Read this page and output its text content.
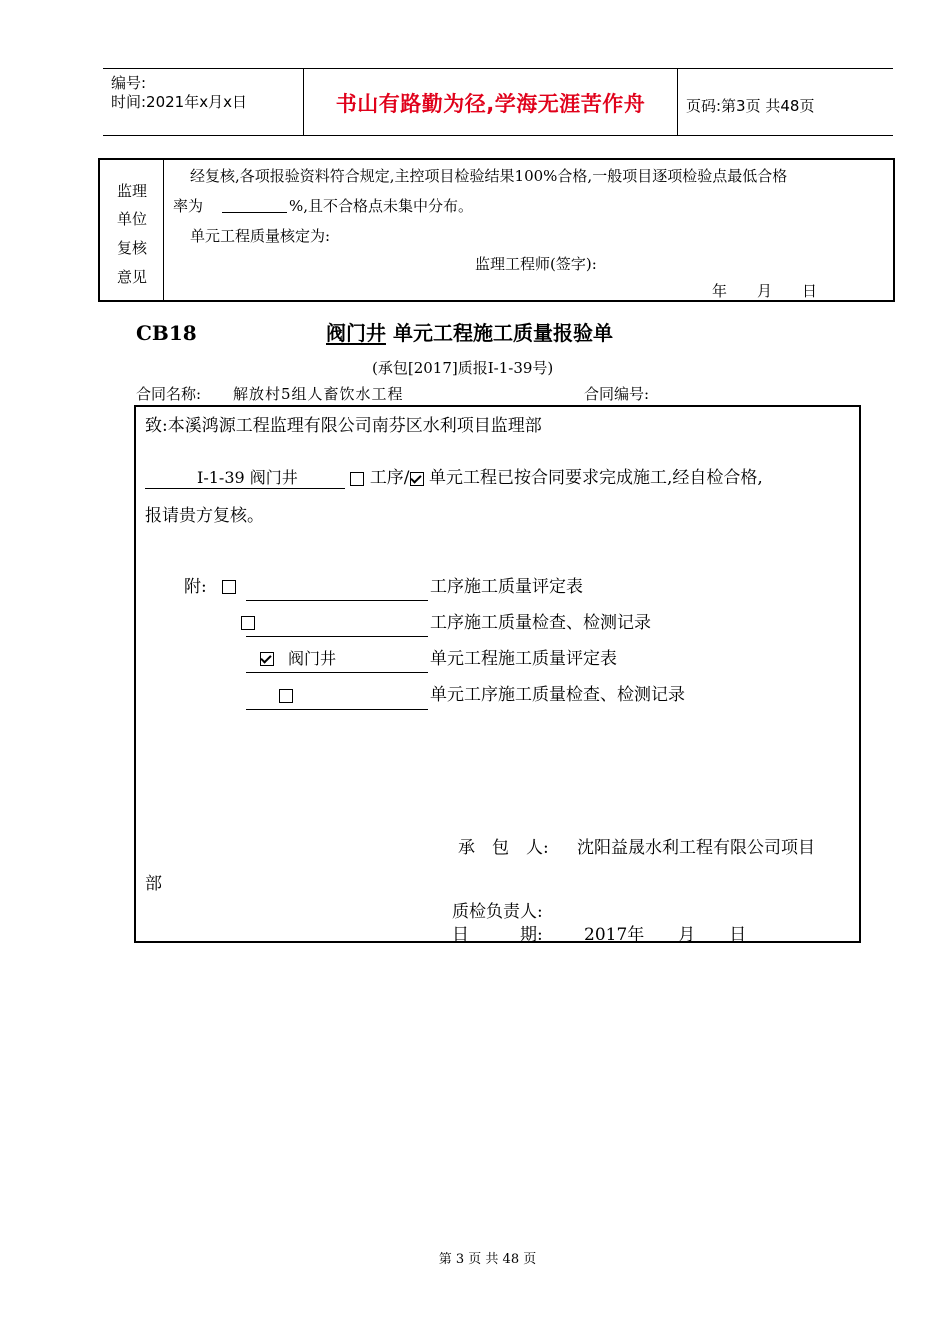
编号:
时间:2021年x月x日	书山有路勤为径,学海无涯苦作舟	页码:第3页 共48页
监理
单位
复核
意见
经复核,各项报验资料符合规定,主控项目检验结果100%合格,一般项目逐项检验点最低合格
率为	%,且不合格点未集中分布。
单元工程质量核定为:
监理工程师(签字):
年　　月　　日
CB18	阀门井 单元工程施工质量报验单
(承包[2017]质报I-1-39号)
合同名称: 解放村5组人畜饮水工程	合同编号:
致:本溪鸿源工程监理有限公司南芬区水利项目监理部
I-1-39 阀门井	工序/ 单元工程已按合同要求完成施工,经自检合格,
报请贵方复核。
附:
	工序施工质量评定表

工序施工质量检查、检测记录

阀门井	单元工程施工质量评定表
单元工序施工质量检查、检测记录
承　包　人: 沈阳益晟水利工程有限公司项目
部
质检负责人:
日　　　期: 2017年　　月　　日
第 3 页 共 48 页
